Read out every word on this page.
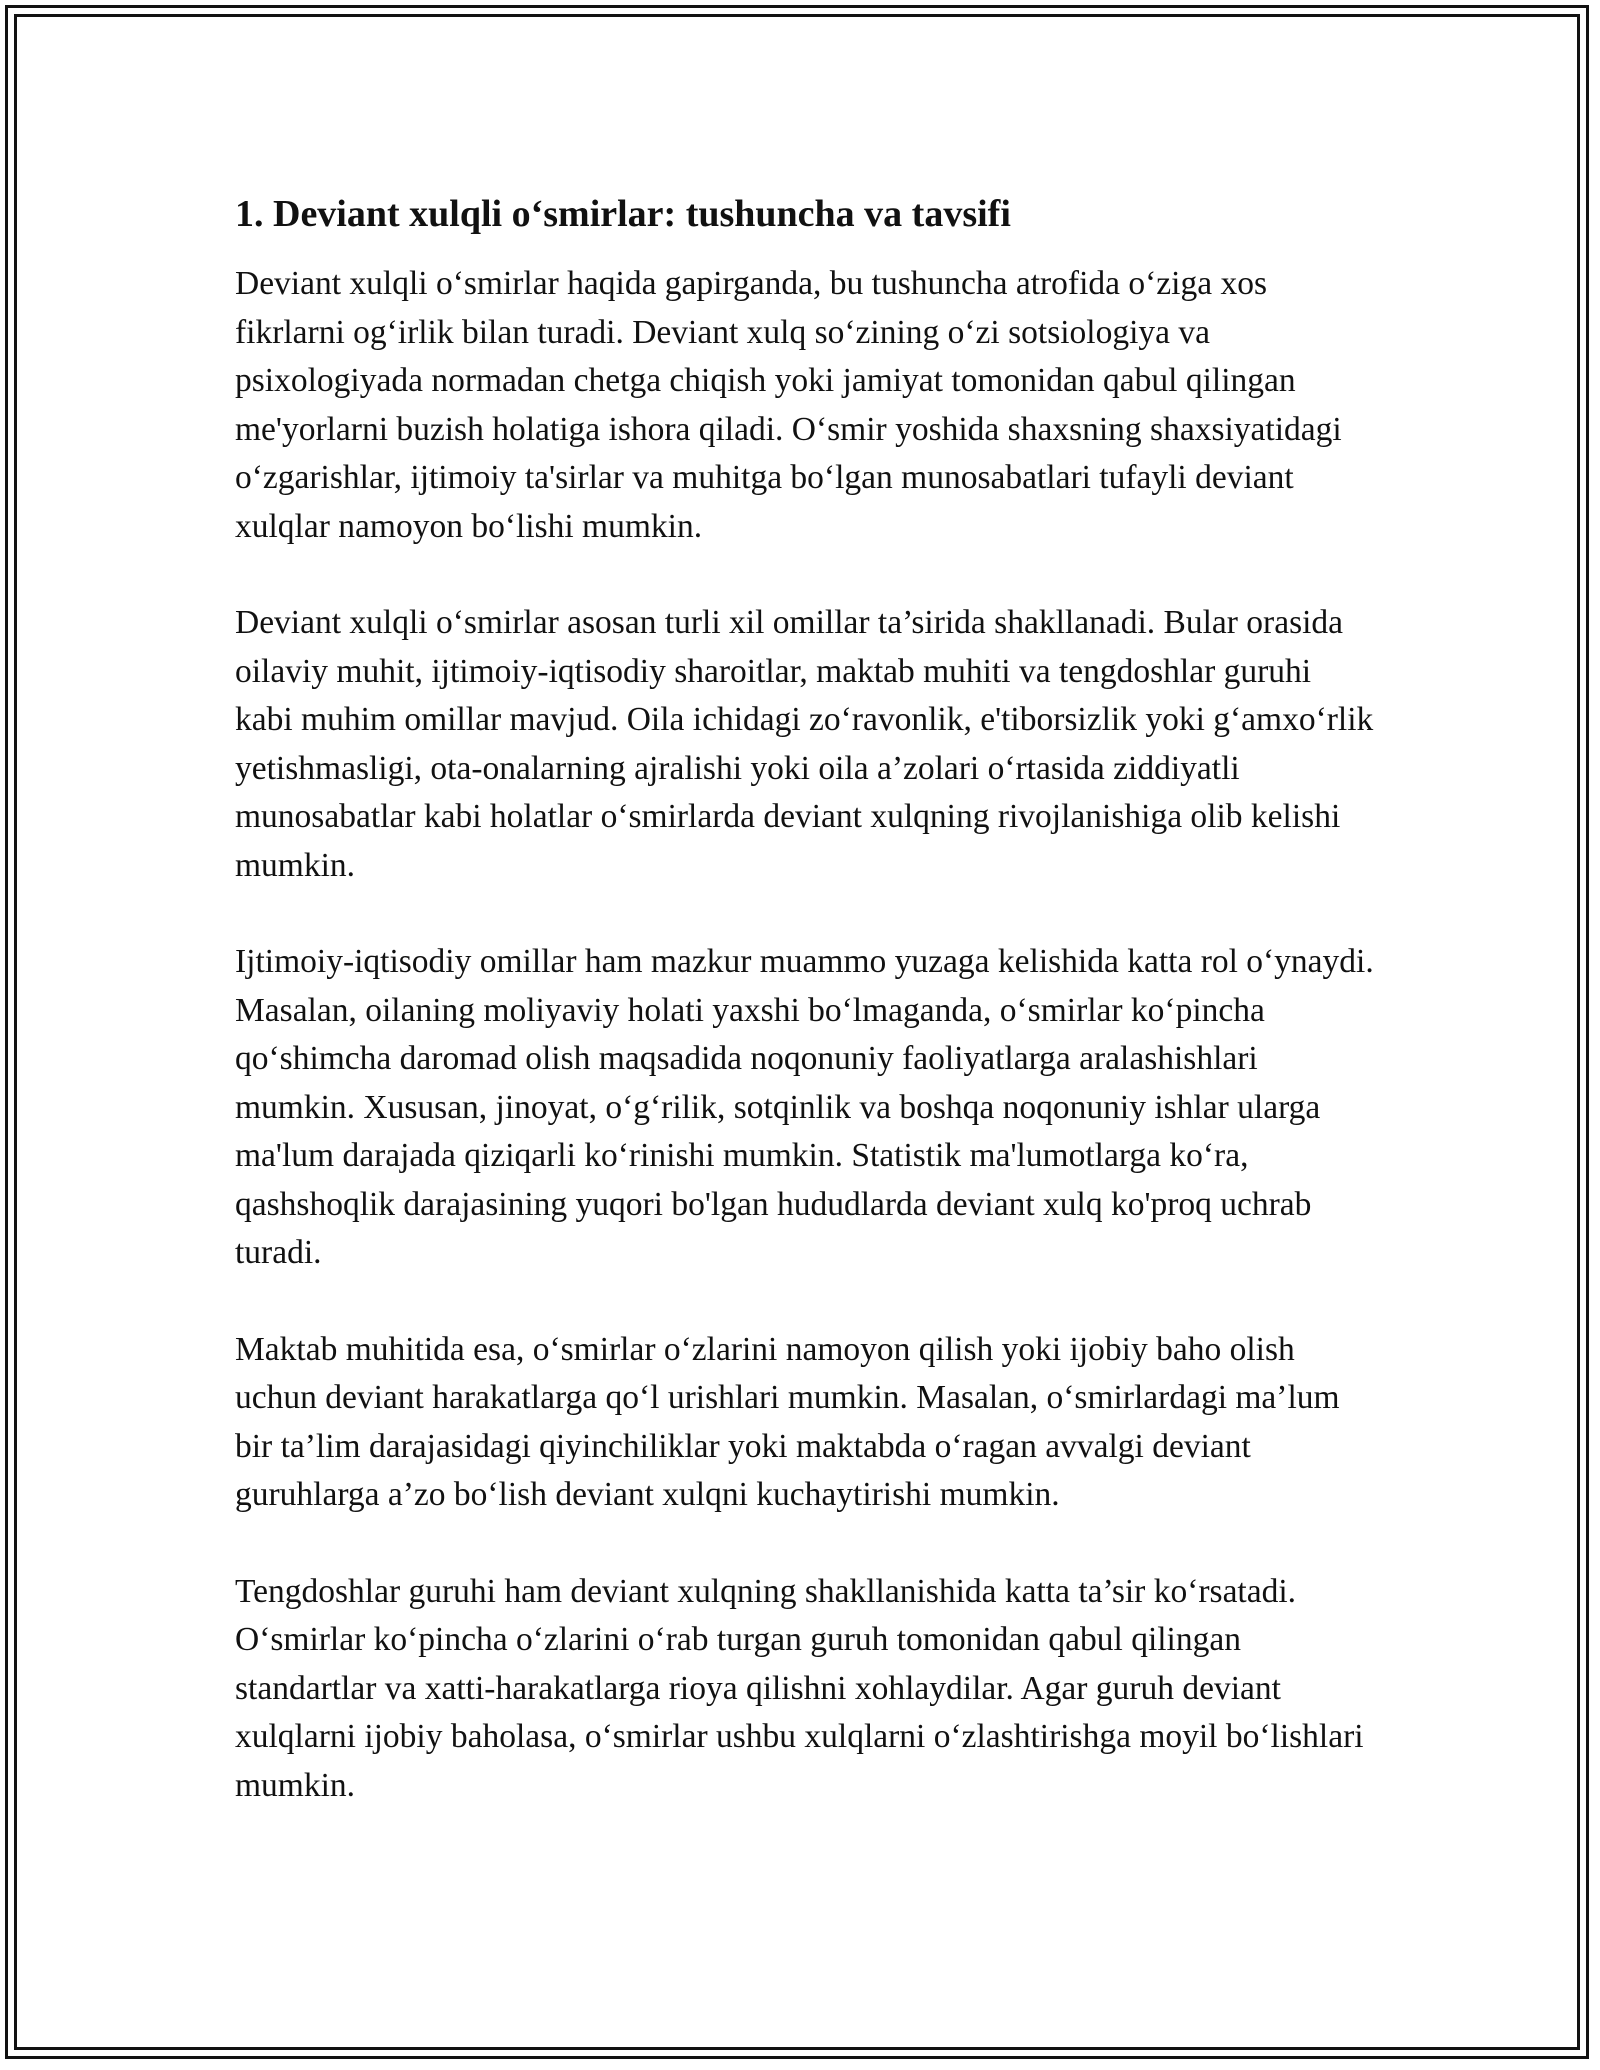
1. Deviant xulqli o‘smirlar: tushuncha va tavsifi

Deviant xulqli o‘smirlar haqida gapirganda, bu tushuncha atrofida o‘ziga xos fikrlarni og‘irlik bilan turadi. Deviant xulq so‘zining o‘zi sotsiologiya va psixologiyada normadan chetga chiqish yoki jamiyat tomonidan qabul qilingan me'yorlarni buzish holatiga ishora qiladi. O‘smir yoshida shaxsning shaxsiyatidagi o‘zgarishlar, ijtimoiy ta'sirlar va muhitga bo‘lgan munosabatlari tufayli deviant xulqlar namoyon bo‘lishi mumkin.

Deviant xulqli o‘smirlar asosan turli xil omillar ta’sirida shakllanadi. Bular orasida oilaviy muhit, ijtimoiy-iqtisodiy sharoitlar, maktab muhiti va tengdoshlar guruhi kabi muhim omillar mavjud. Oila ichidagi zo‘ravonlik, e'tiborsizlik yoki g‘amxo‘rlik yetishmasligi, ota-onalarning ajralishi yoki oila a’zolari o‘rtasida ziddiyatli munosabatlar kabi holatlar o‘smirlarda deviant xulqning rivojlanishiga olib kelishi mumkin.

Ijtimoiy-iqtisodiy omillar ham mazkur muammo yuzaga kelishida katta rol o‘ynaydi. Masalan, oilaning moliyaviy holati yaxshi bo‘lmaganda, o‘smirlar ko‘pincha qo‘shimcha daromad olish maqsadida noqonuniy faoliyatlarga aralashishlari mumkin. Xususan, jinoyat, o‘g‘rilik, sotqinlik va boshqa noqonuniy ishlar ularga ma'lum darajada qiziqarli ko‘rinishi mumkin. Statistik ma'lumotlarga ko‘ra, qashshoqlik darajasining yuqori bo'lgan hududlarda deviant xulq ko'proq uchrab turadi.

Maktab muhitida esa, o‘smirlar o‘zlarini namoyon qilish yoki ijobiy baho olish uchun deviant harakatlarga qo‘l urishlari mumkin. Masalan, o‘smirlardagi ma’lum bir ta’lim darajasidagi qiyinchiliklar yoki maktabda o‘ragan avvalgi deviant guruhlarga a’zo bo‘lish deviant xulqni kuchaytirishi mumkin.

Tengdoshlar guruhi ham deviant xulqning shakllanishida katta ta’sir ko‘rsatadi. O‘smirlar ko‘pincha o‘zlarini o‘rab turgan guruh tomonidan qabul qilingan standartlar va xatti-harakatlarga rioya qilishni xohlaydilar. Agar guruh deviant xulqlarni ijobiy baholasa, o‘smirlar ushbu xulqlarni o‘zlashtirishga moyil bo‘lishlari mumkin.
